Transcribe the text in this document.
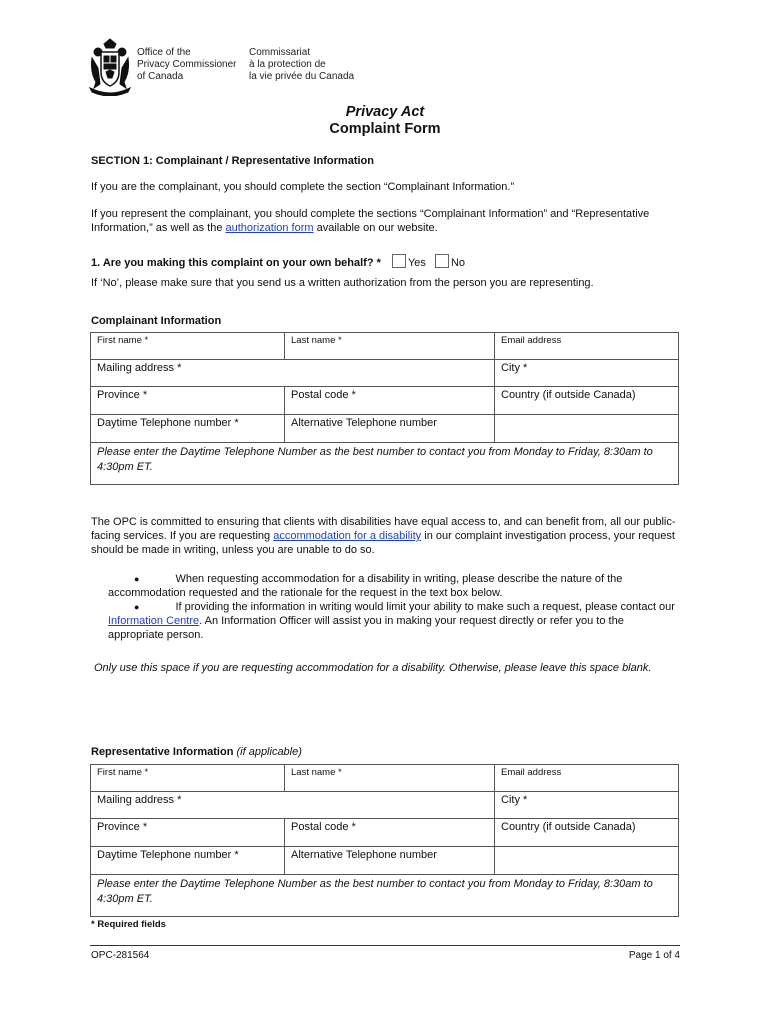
Office of the
Privacy Commissioner
of Canada
Commissariat
à la protection de
la vie privée du Canada
Privacy Act
Complaint Form
SECTION 1: Complainant / Representative Information
If you are the complainant, you should complete the section “Complainant Information.”
If you represent the complainant, you should complete the sections “Complainant Information” and “Representative Information,” as well as the authorization form available on our website.
1. Are you making this complaint on your own behalf? * Yes No
If ‘No’, please make sure that you send us a written authorization from the person you are representing.
Complainant Information
First name *	Last name *	Email address
Mailing address *		City *
Province *	Postal code *	Country (if outside Canada)
Daytime Telephone number *	Alternative Telephone number	
Please enter the Daytime Telephone Number as the best number to contact you from Monday to Friday, 8:30am to 4:30pm ET.		
The OPC is committed to ensuring that clients with disabilities have equal access to, and can benefit from, all our public-facing services. If you are requesting accommodation for a disability in our complaint investigation process, your request should be made in writing, unless you are unable to do so.
●	When requesting accommodation for a disability in writing, please describe the nature of the accommodation requested and the rationale for the request in the text box below.
●	If providing the information in writing would limit your ability to make such a request, please contact our Information Centre. An Information Officer will assist you in making your request directly or refer you to the appropriate person.
Only use this space if you are requesting accommodation for a disability. Otherwise, please leave this space blank.
Representative Information (if applicable)
First name *	Last name *	Email address
Mailing address *		City *
Province *	Postal code *	Country (if outside Canada)
Daytime Telephone number *	Alternative Telephone number	
Please enter the Daytime Telephone Number as the best number to contact you from Monday to Friday, 8:30am to 4:30pm ET.		
* Required fields
OPC-281564	Page 1 of 4
